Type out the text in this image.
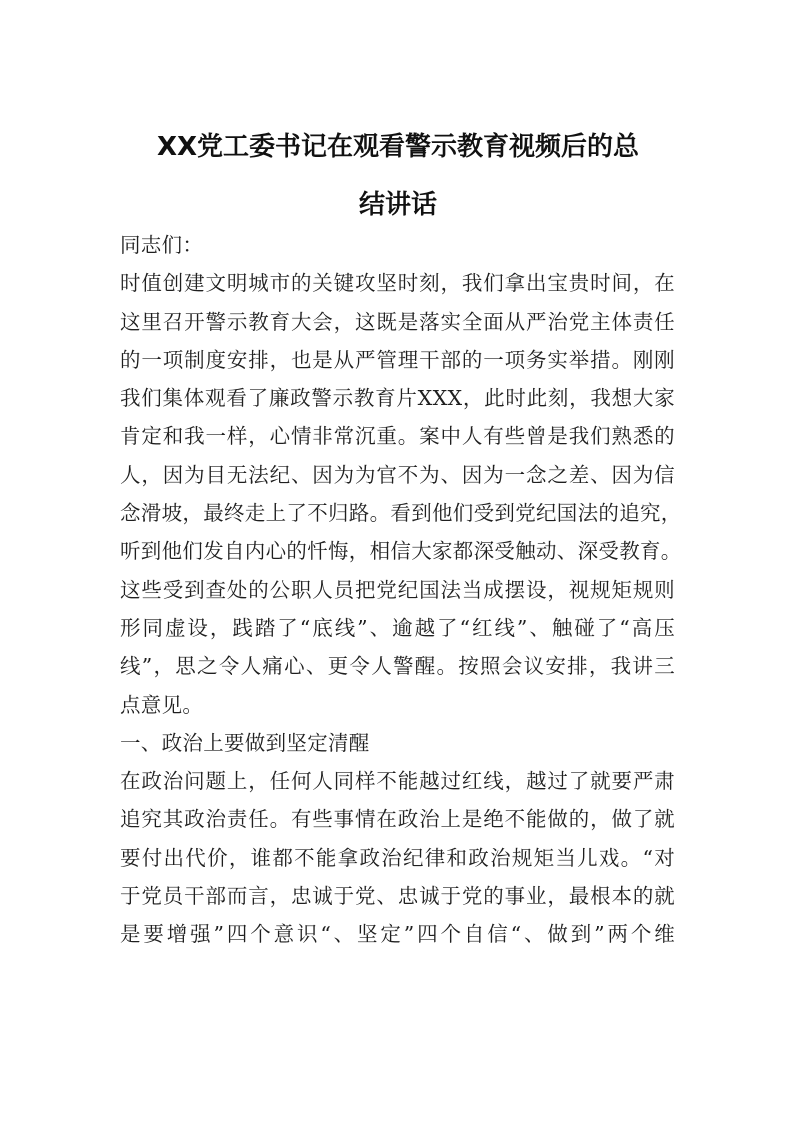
XX党工委书记在观看警示教育视频后的总
结讲话
同志们：
时值创建文明城市的关键攻坚时刻，我们拿出宝贵时间，在
这里召开警示教育大会，这既是落实全面从严治党主体责任
的一项制度安排，也是从严管理干部的一项务实举措。刚刚
我们集体观看了廉政警示教育片XXX，此时此刻，我想大家
肯定和我一样，心情非常沉重。案中人有些曾是我们熟悉的
人，因为目无法纪、因为为官不为、因为一念之差、因为信
念滑坡，最终走上了不归路。看到他们受到党纪国法的追究，
听到他们发自内心的忏悔，相信大家都深受触动、深受教育。
这些受到查处的公职人员把党纪国法当成摆设，视规矩规则
形同虚设，践踏了“底线”、逾越了“红线”、触碰了“高压
线”，思之令人痛心、更令人警醒。按照会议安排，我讲三
点意见。
一、政治上要做到坚定清醒
在政治问题上，任何人同样不能越过红线，越过了就要严肃
追究其政治责任。有些事情在政治上是绝不能做的，做了就
要付出代价，谁都不能拿政治纪律和政治规矩当儿戏。“对
于党员干部而言，忠诚于党、忠诚于党的事业，最根本的就
是要增强”四个意识“、坚定”四个自信“、做到”两个维
